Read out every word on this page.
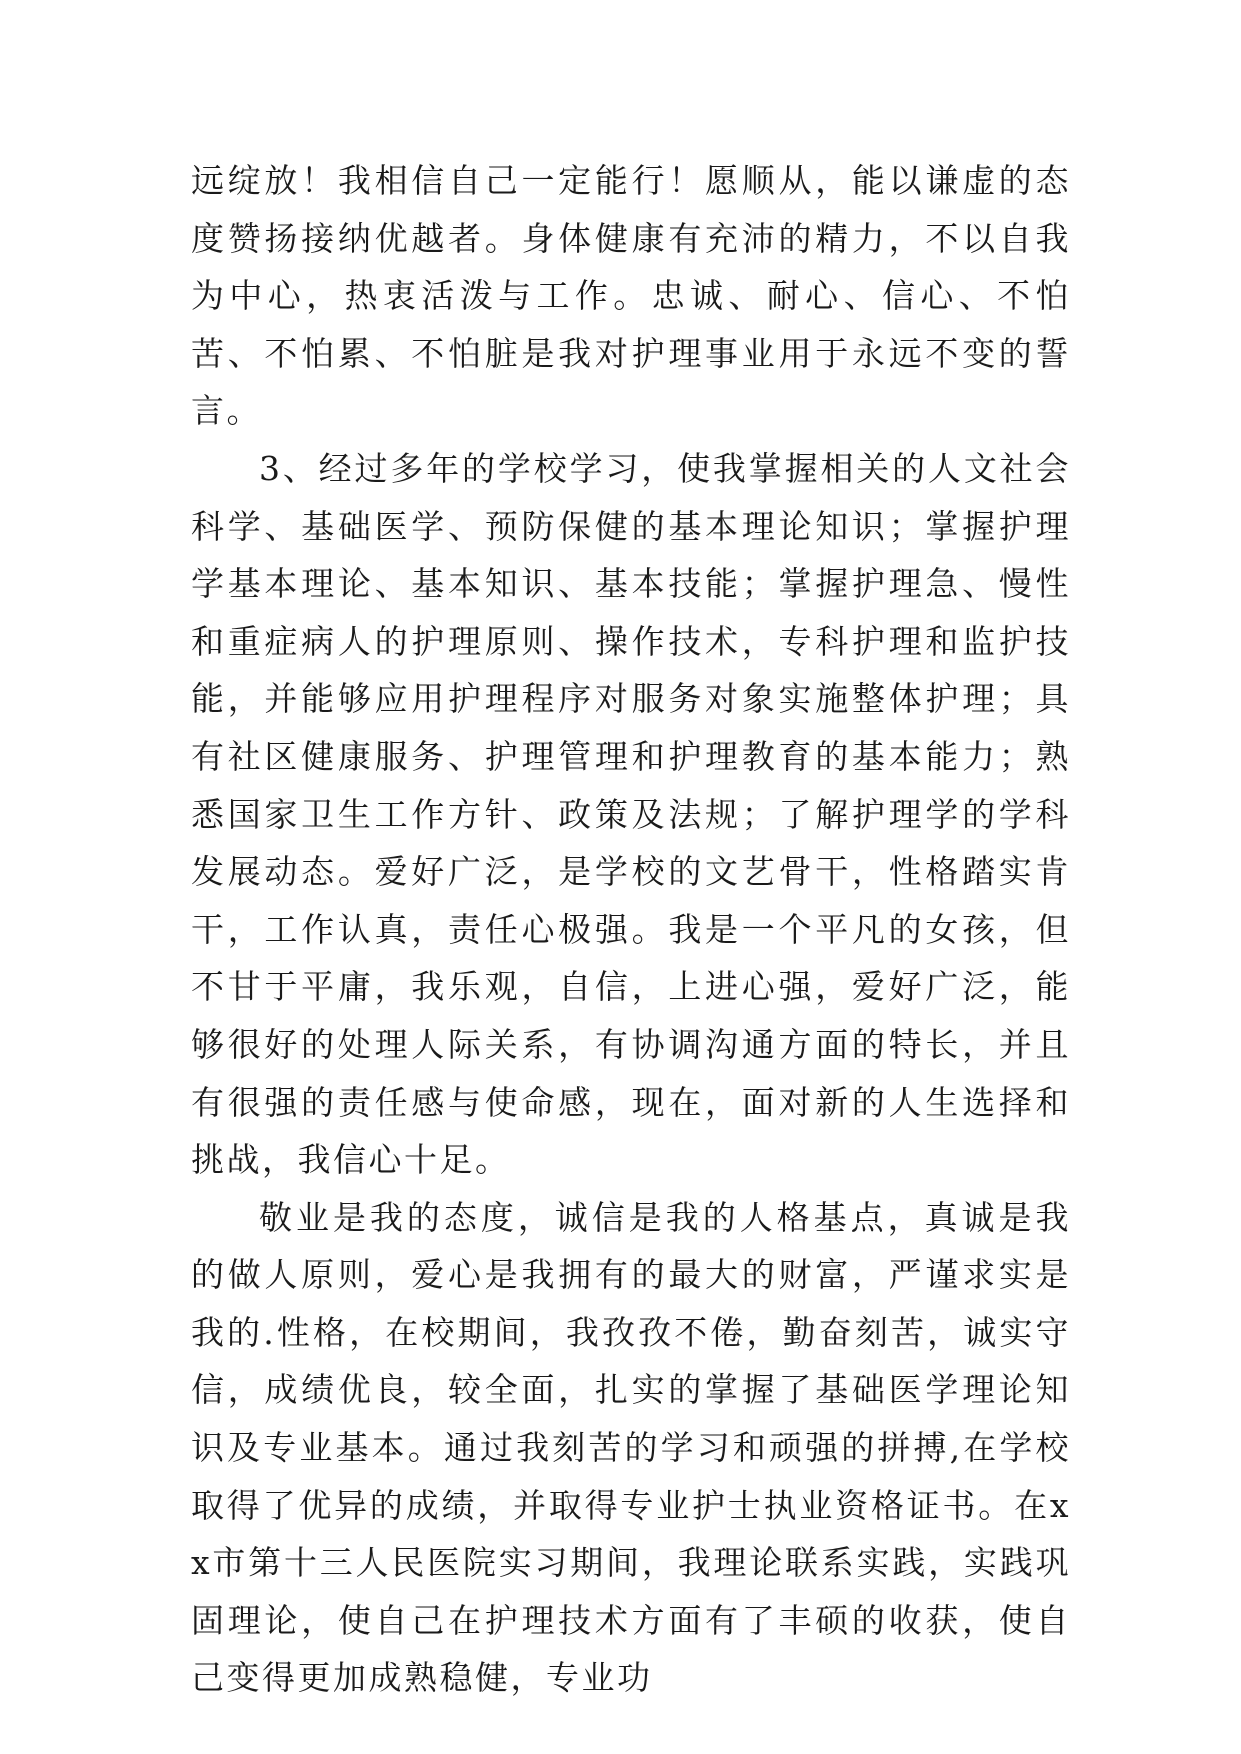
远绽放！我相信自己一定能行！愿顺从，能以谦虚的态度赞扬接纳优越者。身体健康有充沛的精力，不以自我为中心，热衷活泼与工作。忠诚、耐心、信心、不怕苦、不怕累、不怕脏是我对护理事业用于永远不变的誓言。

3、经过多年的学校学习，使我掌握相关的人文社会科学、基础医学、预防保健的基本理论知识；掌握护理学基本理论、基本知识、基本技能；掌握护理急、慢性和重症病人的护理原则、操作技术，专科护理和监护技能，并能够应用护理程序对服务对象实施整体护理；具有社区健康服务、护理管理和护理教育的基本能力；熟悉国家卫生工作方针、政策及法规；了解护理学的学科发展动态。爱好广泛，是学校的文艺骨干，性格踏实肯干，工作认真，责任心极强。我是一个平凡的女孩，但不甘于平庸，我乐观，自信，上进心强，爱好广泛，能够很好的处理人际关系，有协调沟通方面的特长，并且有很强的责任感与使命感，现在，面对新的人生选择和挑战，我信心十足。

敬业是我的态度，诚信是我的人格基点，真诚是我的做人原则，爱心是我拥有的最大的财富，严谨求实是我的.性格，在校期间，我孜孜不倦，勤奋刻苦，诚实守信，成绩优良，较全面，扎实的掌握了基础医学理论知识及专业基本。通过我刻苦的学习和顽强的拼搏,在学校取得了优异的成绩，并取得专业护士执业资格证书。在xx市第十三人民医院实习期间，我理论联系实践，实践巩固理论，使自己在护理技术方面有了丰硕的收获，使自己变得更加成熟稳健，专业功
